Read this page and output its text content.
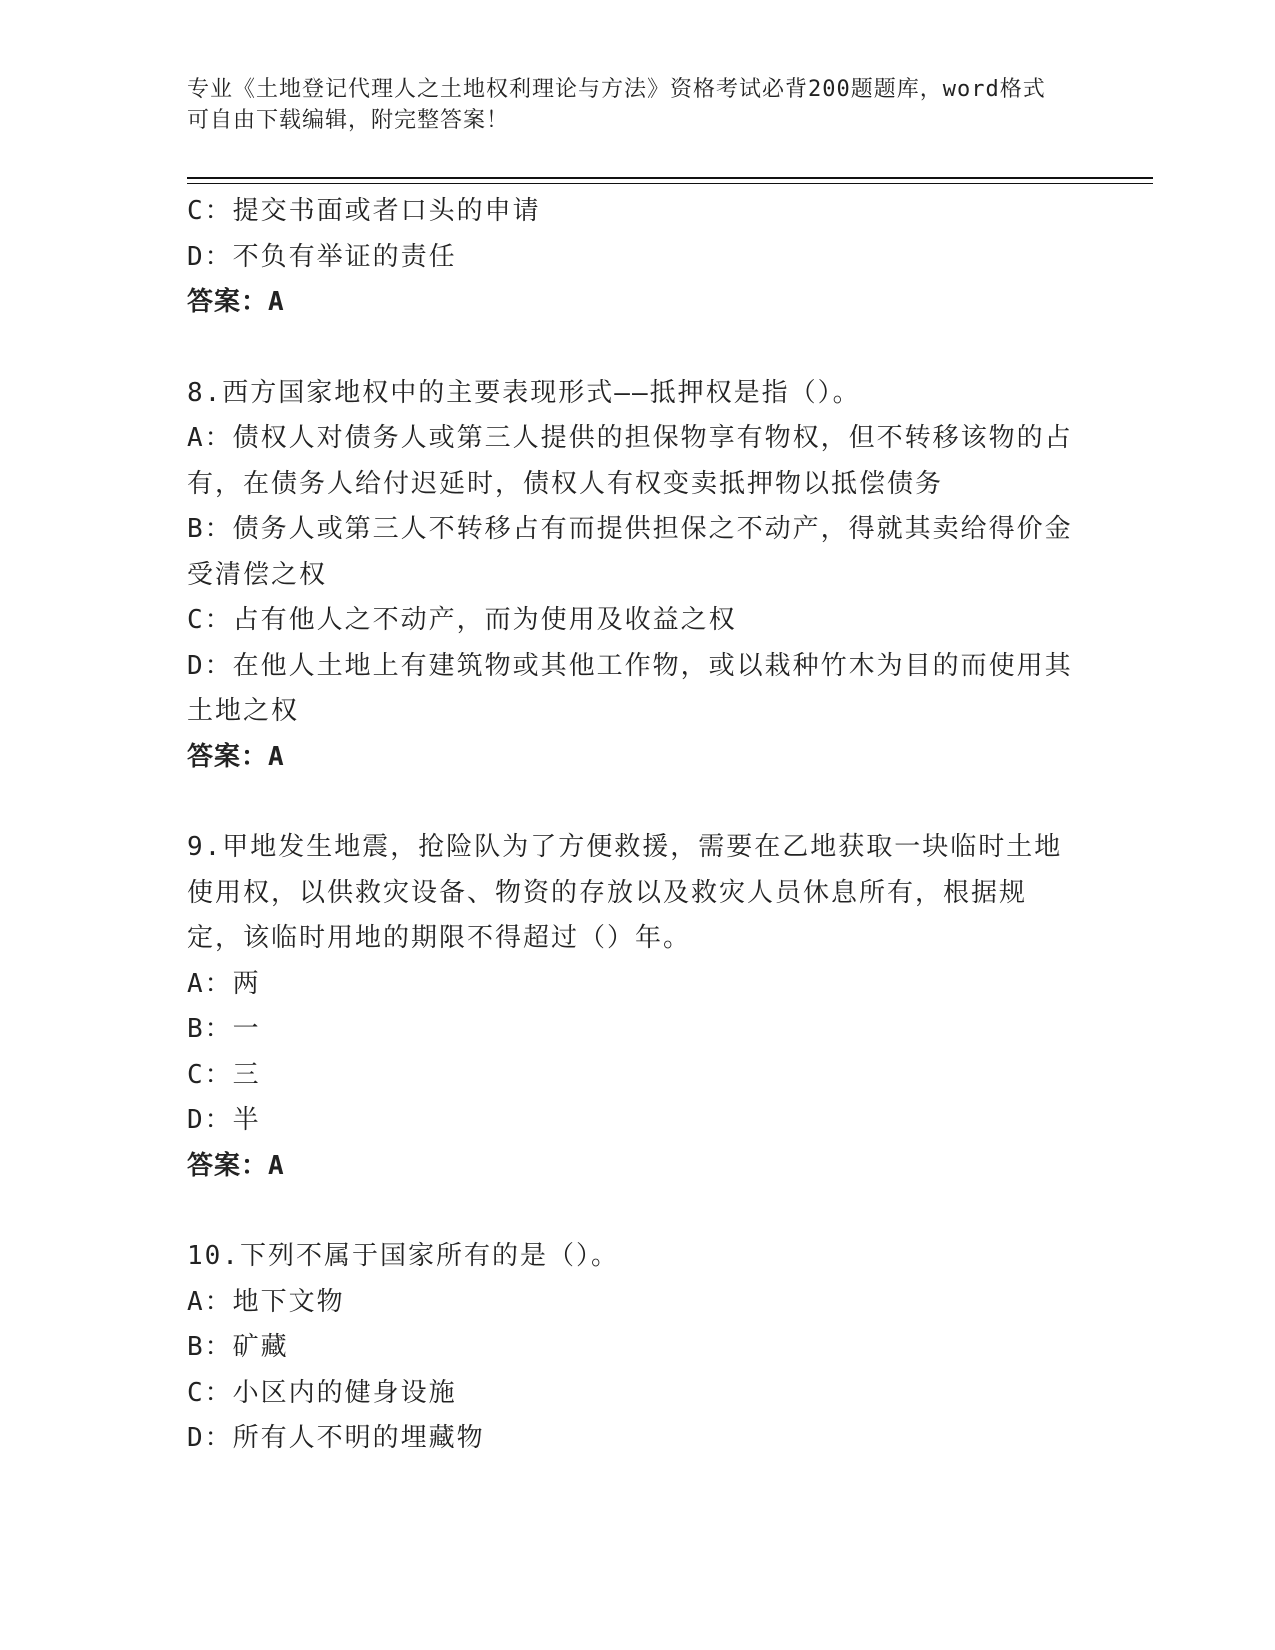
专业《土地登记代理人之土地权利理论与方法》资格考试必背200题题库，word格式可自由下载编辑，附完整答案！

C：提交书面或者口头的申请

D：不负有举证的责任

答案：A

8.西方国家地权中的主要表现形式——抵押权是指（）。

A：债权人对债务人或第三人提供的担保物享有物权，但不转移该物的占有，在债务人给付迟延时，债权人有权变卖抵押物以抵偿债务

B：债务人或第三人不转移占有而提供担保之不动产，得就其卖给得价金受清偿之权

C：占有他人之不动产，而为使用及收益之权

D：在他人土地上有建筑物或其他工作物，或以栽种竹木为目的而使用其土地之权

答案：A

9.甲地发生地震，抢险队为了方便救援，需要在乙地获取一块临时土地使用权，以供救灾设备、物资的存放以及救灾人员休息所有，根据规定，该临时用地的期限不得超过（）年。

A：两

B：一

C：三

D：半

答案：A

10.下列不属于国家所有的是（）。

A：地下文物

B：矿藏

C：小区内的健身设施

D：所有人不明的埋藏物
